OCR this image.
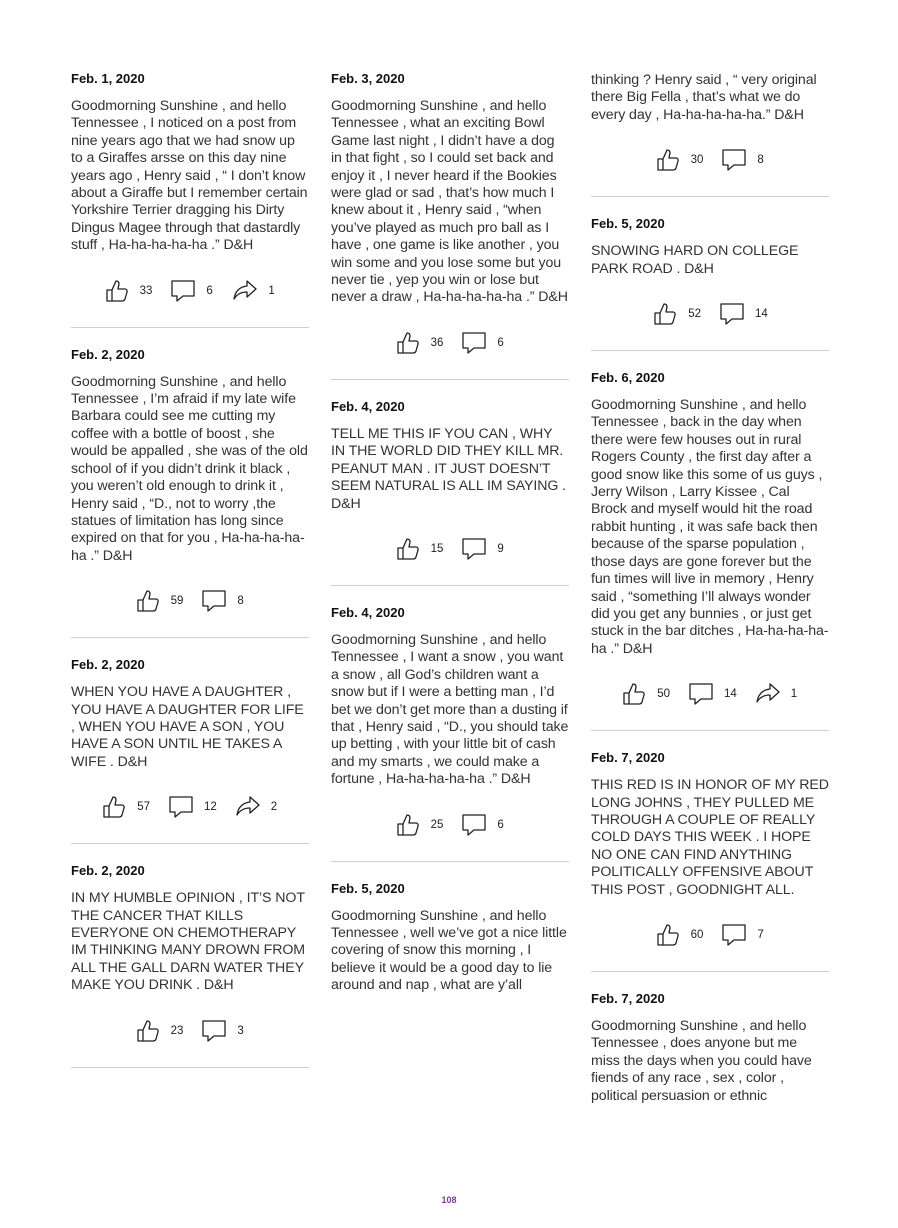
Feb. 1, 2020
Goodmorning Sunshine , and hello Tennessee , I noticed on a post from nine years ago that we had snow up to a Giraffes arsse on this day nine years ago , Henry said , “ I don’t know about a Giraffe but I remember certain Yorkshire Terrier dragging his Dirty Dingus Magee through that dastardly stuff , Ha-ha-ha-ha-ha .” D&H
33	6	1
Feb. 2, 2020
Goodmorning Sunshine , and hello Tennessee , I’m afraid if my late wife Barbara could see me cutting my coffee with a bottle of boost , she would be appalled , she was of the old school of if you didn’t drink it black , you weren’t old enough to drink it , Henry said , “D., not to worry ,the statues of limitation has long since expired on that for you , Ha-ha-ha-ha-ha .” D&H
59	8
Feb. 2, 2020
WHEN YOU HAVE A DAUGHTER , YOU HAVE A DAUGHTER FOR LIFE , WHEN YOU HAVE A SON , YOU HAVE A SON UNTIL HE TAKES A WIFE . D&H
57	12	2
Feb. 2, 2020
IN MY HUMBLE OPINION , IT’S NOT THE CANCER THAT KILLS EVERYONE ON CHEMOTHERAPY IM THINKING MANY DROWN FROM ALL THE GALL DARN WATER THEY MAKE YOU DRINK . D&H
23	3
Feb. 3, 2020
Goodmorning Sunshine , and hello Tennessee , what an exciting Bowl Game last night , I didn’t have a dog in that fight , so I could set back and enjoy it , I never heard if the Bookies were glad or sad , that’s how much I knew about it , Henry said , “when you’ve played as much pro ball as I have , one game is like another , you win some and you lose some but you never tie , yep you win or lose but never a draw , Ha-ha-ha-ha-ha .” D&H
36	6
Feb. 4, 2020
TELL ME THIS IF YOU CAN , WHY IN THE WORLD DID THEY KILL MR. PEANUT MAN . IT JUST DOESN’T SEEM NATURAL IS ALL IM SAYING . D&H
15	9
Feb. 4, 2020
Goodmorning Sunshine , and hello Tennessee , I want a snow , you want a snow , all God’s children want a snow but if I were a betting man , I’d bet we don’t get more than a dusting if that , Henry said , “D., you should take up betting , with your little bit of cash and my smarts , we could make a fortune , Ha-ha-ha-ha-ha .” D&H
25	6
Feb. 5, 2020
Goodmorning Sunshine , and hello Tennessee , well we’ve got a nice little covering of snow this morning , I believe it would be a good day to lie around and nap , what are y’all
thinking ? Henry said , “ very original there Big Fella , that’s what we do every day , Ha-ha-ha-ha-ha.” D&H
30	8
Feb. 5, 2020
SNOWING HARD ON COLLEGE PARK ROAD . D&H
52	14
Feb. 6, 2020
Goodmorning Sunshine , and hello Tennessee , back in the day when there were few houses out in rural Rogers County , the first day after a good snow like this some of us guys , Jerry Wilson , Larry Kissee , Cal Brock and myself would hit the road rabbit hunting , it was safe back then because of the sparse population , those days are gone forever but the fun times will live in memory , Henry said , “something I’ll always wonder did you get any bunnies , or just get stuck in the bar ditches , Ha-ha-ha-ha-ha .” D&H
50	14	1
Feb. 7, 2020
THIS RED IS IN HONOR OF MY RED LONG JOHNS , THEY PULLED ME THROUGH A COUPLE OF REALLY COLD DAYS THIS WEEK . I HOPE NO ONE CAN FIND ANYTHING POLITICALLY OFFENSIVE ABOUT THIS POST , GOODNIGHT ALL.
60	7
Feb. 7, 2020
Goodmorning Sunshine , and hello Tennessee , does anyone but me miss the days when you could have fiends of any race , sex , color , political persuasion or ethnic
108
